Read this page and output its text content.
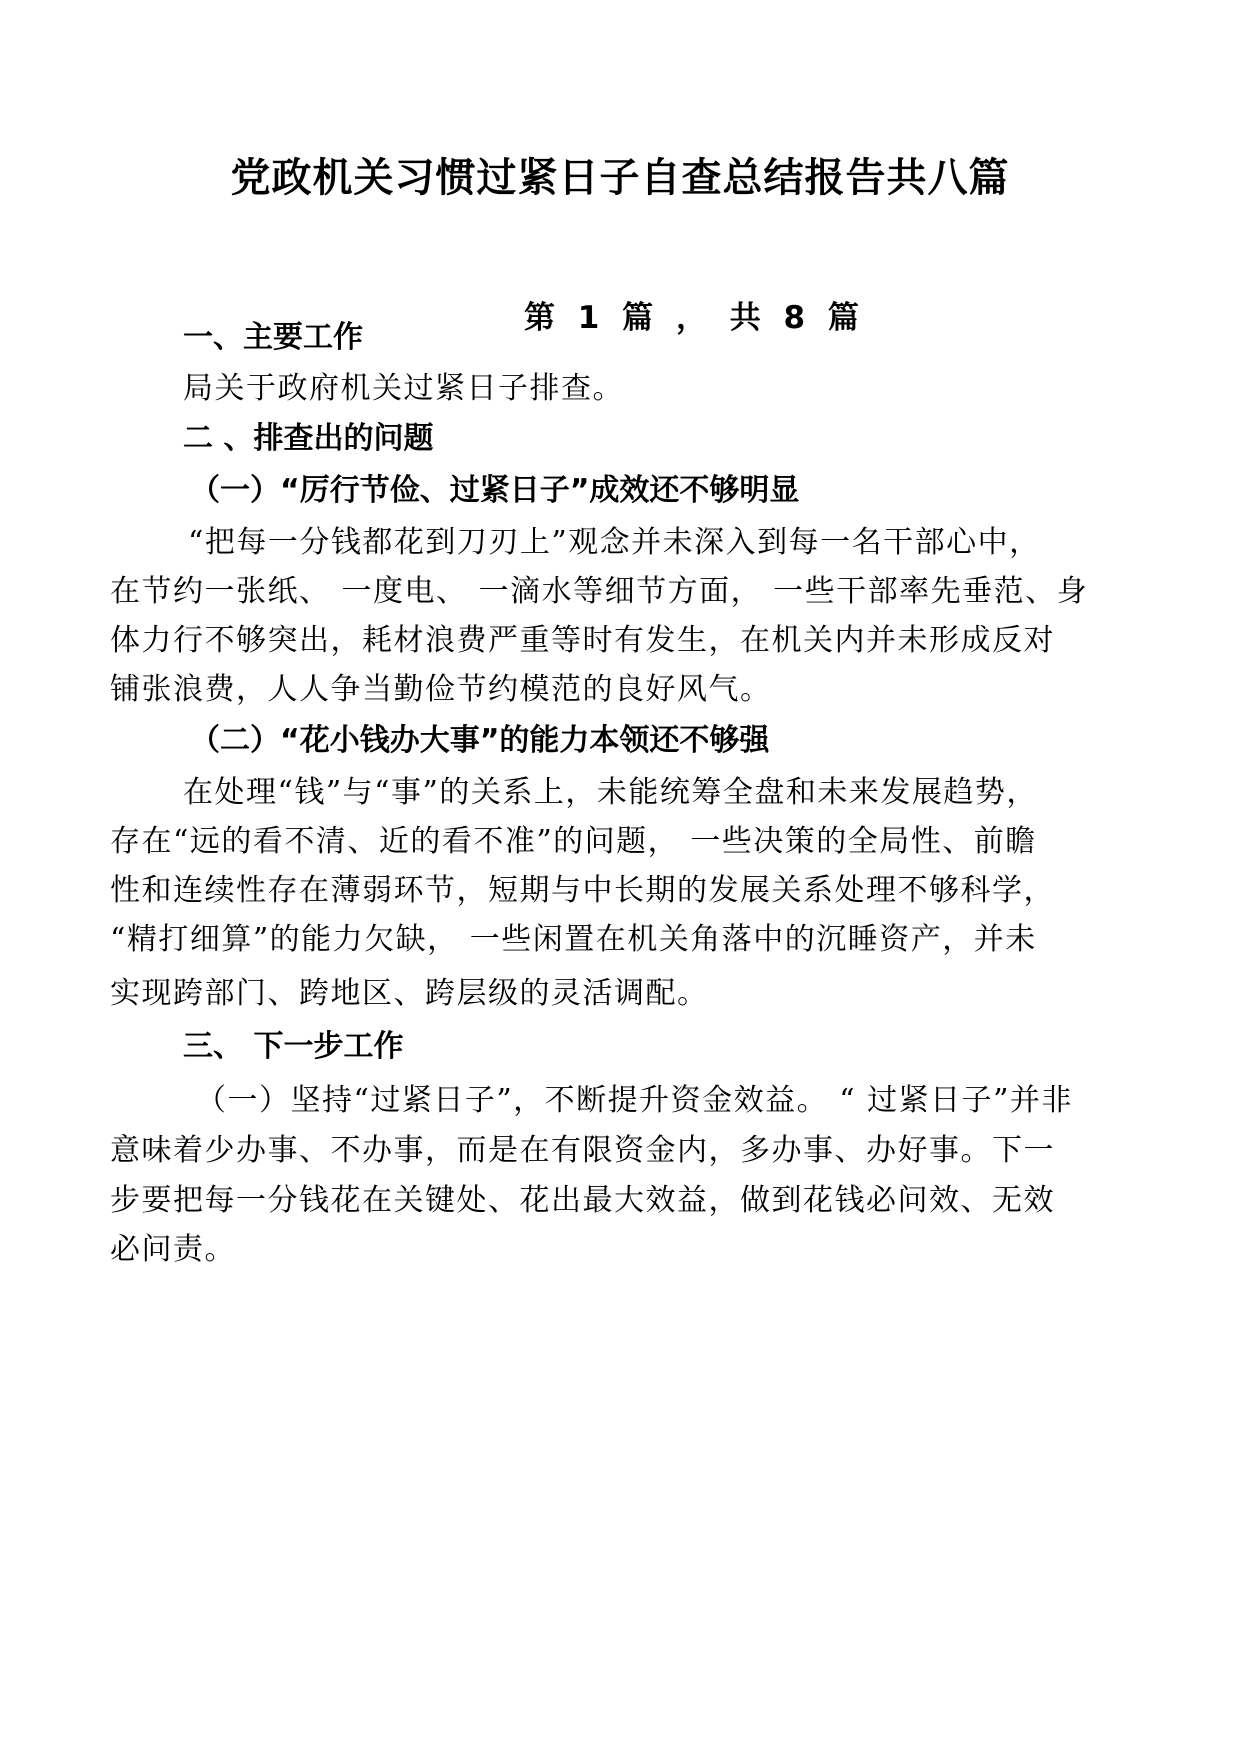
党政机关习惯过紧日子自查总结报告共八篇
第 1 篇 ， 共 8 篇
一、主要工作

局关于政府机关过紧日子排查。

二 、排查出的问题
（一）“厉行节俭、过紧日子”成效还不够明显

“把每一分钱都花到刀刃上”观念并未深入到每一名干部心中，

在节约一张纸、 一度电、 一滴水等细节方面， 一些干部率先垂范、身

体力行不够突出，耗材浪费严重等时有发生，在机关内并未形成反对

铺张浪费，人人争当勤俭节约模范的良好风气。

（二）“花小钱办大事”的能力本领还不够强

在处理“钱”与“事”的关系上，未能统筹全盘和未来发展趋势，

存在“远的看不清、近的看不准”的问题， 一些决策的全局性、前瞻

性和连续性存在薄弱环节，短期与中长期的发展关系处理不够科学，

“精打细算”的能力欠缺， 一些闲置在机关角落中的沉睡资产，并未

实现跨部门、跨地区、跨层级的灵活调配。

三、 下一步工作

（一）坚持“过紧日子”，不断提升资金效益。 “ 过紧日子”并非

意味着少办事、不办事，而是在有限资金内，多办事、办好事。下一

步要把每一分钱花在关键处、花出最大效益，做到花钱必问效、无效

必问责。
